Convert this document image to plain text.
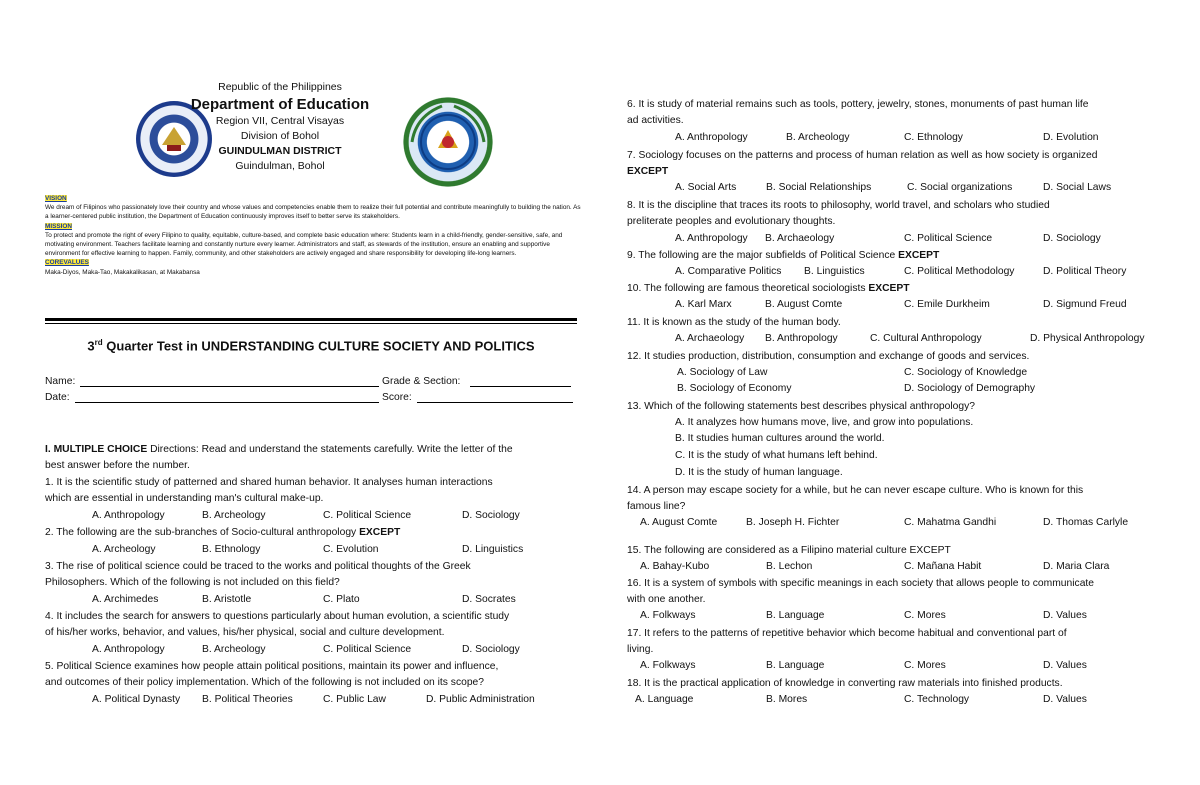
Republic of the Philippines
Department of Education
Region VII, Central Visayas
Division of Bohol
GUINDULMAN DISTRICT
Guindulman, Bohol
VISION
We dream of Filipinos who passionately love their country and whose values and competencies enable them to realize their full potential and contribute meaningfully to building the nation. As a learner-centered public institution, the Department of Education continuously improves itself to better serve its stakeholders.
MISSION
To protect and promote the right of every Filipino to quality, equitable, culture-based, and complete basic education where: Students learn in a child-friendly, gender-sensitive, safe, and motivating environment. Teachers facilitate learning and constantly nurture every learner. Administrators and staff, as stewards of the institution, ensure an enabling and supportive environment for effective learning to happen. Family, community, and other stakeholders are actively engaged and share responsibility for developing life-long learners.
COREVALUES
Maka-Diyos, Maka-Tao, Makakalikasan, at Makabansa
3rd Quarter Test in UNDERSTANDING CULTURE SOCIETY AND POLITICS
Name:	Grade & Section:
Date:	Score:
I. MULTIPLE CHOICE Directions: Read and understand the statements carefully. Write the letter of the
best answer before the number.
1. It is the scientific study of patterned and shared human behavior. It analyses human interactions
which are essential in understanding man's cultural make-up.
A. Anthropology	B. Archeology	C. Political Science	D. Sociology
2. The following are the sub-branches of Socio-cultural anthropology EXCEPT
A. Archeology	B. Ethnology	C. Evolution	D. Linguistics
3. The rise of political science could be traced to the works and political thoughts of the Greek
Philosophers. Which of the following is not included on this field?
A. Archimedes	B. Aristotle	C. Plato	D. Socrates
4. It includes the search for answers to questions particularly about human evolution, a scientific study
of his/her works, behavior, and values, his/her physical, social and culture development.
A. Anthropology	B. Archeology	C. Political Science	D. Sociology
5. Political Science examines how people attain political positions, maintain its power and influence,
and outcomes of their policy implementation. Which of the following is not included on its scope?
A. Political Dynasty B. Political Theories	C. Public Law	D. Public Administration
6. It is study of material remains such as tools, pottery, jewelry, stones, monuments of past human life
ad activities.
A. Anthropology	B. Archeology	C. Ethnology	D. Evolution
7. Sociology focuses on the patterns and process of human relation as well as how society is organized
EXCEPT
A. Social Arts	B. Social Relationships	C. Social organizations	D. Social Laws
8. It is the discipline that traces its roots to philosophy, world travel, and scholars who studied
preliterate peoples and evolutionary thoughts.
A. Anthropology B. Archaeology	C. Political Science	D. Sociology
9. The following are the major subfields of Political Science EXCEPT
A. Comparative Politics B. Linguistics	C. Political Methodology	D. Political Theory
10. The following are famous theoretical sociologists EXCEPT
A. Karl Marx	B. August Comte	C. Emile Durkheim	D. Sigmund Freud
11. It is known as the study of the human body.
A. Archaeology B. Anthropology	C. Cultural Anthropology	D. Physical Anthropology
12. It studies production, distribution, consumption and exchange of goods and services.
A. Sociology of Law	C. Sociology of Knowledge
B. Sociology of Economy	D. Sociology of Demography
13. Which of the following statements best describes physical anthropology?
A. It analyzes how humans move, live, and grow into populations.
B. It studies human cultures around the world.
C. It is the study of what humans left behind.
D. It is the study of human language.
14. A person may escape society for a while, but he can never escape culture. Who is known for this
famous line?
A. August Comte	B. Joseph H. Fichter	C. Mahatma Gandhi	D. Thomas Carlyle
15. The following are considered as a Filipino material culture EXCEPT
A. Bahay-Kubo	B. Lechon	C. Mañana Habit	D. Maria Clara
16. It is a system of symbols with specific meanings in each society that allows people to communicate
with one another.
A. Folkways	B. Language	C. Mores	D. Values
17. It refers to the patterns of repetitive behavior which become habitual and conventional part of
living.
A. Folkways	B. Language	C. Mores	D. Values
18. It is the practical application of knowledge in converting raw materials into finished products.
A. Language	B. Mores	C. Technology	D. Values
